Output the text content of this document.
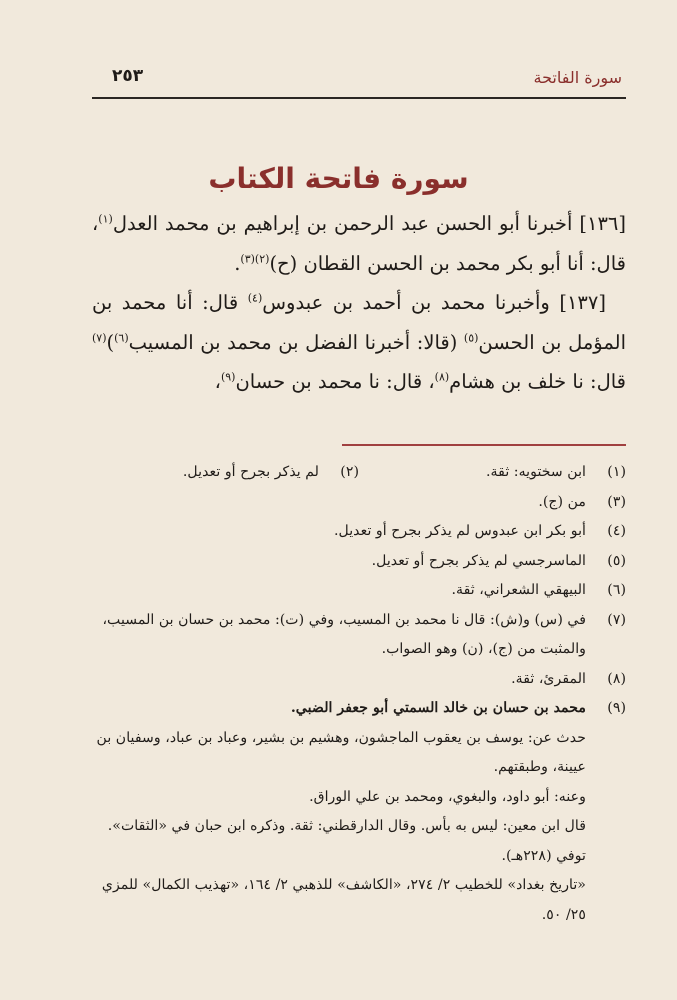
سورة الفاتحة
٢٥٣
سورة فاتحة الكتاب

[١٣٦] أخبرنا أبو الحسن عبد الرحمن بن إبراهيم بن محمد العدل$^{(١)}$، قال: أنا أبو بكر محمد بن الحسن القطان (ح)$^{(٢)(٣)}$.

[١٣٧] وأخبرنا محمد بن أحمد بن عبدوس$^{(٤)}$ قال: أنا محمد بن المؤمل بن الحسن$^{(٥)}$ (قالا: أخبرنا الفضل بن محمد بن المسيب$^{(٦)}$)$^{(٧)}$ قال: نا خلف بن هشام$^{(٨)}$، قال: نا محمد بن حسان$^{(٩)}$،

(١)
ابن سختويه: ثقة.
(٢)
لم يذكر بجرح أو تعديل.
(٣)
من (ج).
(٤)
أبو بكر ابن عبدوس لم يذكر بجرح أو تعديل.
(٥)
الماسرجسي لم يذكر بجرح أو تعديل.
(٦)
البيهقي الشعراني، ثقة.
(٧)
في (س) و(ش): قال نا محمد بن المسيب، وفي (ت): محمد بن حسان بن المسيب، والمثبت من (ج)، (ن) وهو الصواب.
(٨)
المقرئ، ثقة.
(٩)
محمد بن حسان بن خالد السمتي أبو جعفر الضبي.
حدث عن: يوسف بن يعقوب الماجشون، وهشيم بن بشير، وعباد بن عباد، وسفيان بن عيينة، وطبقتهم.
وعنه: أبو داود، والبغوي، ومحمد بن علي الوراق.
قال ابن معين: ليس به بأس. وقال الدارقطني: ثقة. وذكره ابن حبان في «الثقات». توفي (٢٢٨هـ).
«تاريخ بغداد» للخطيب ٢/ ٢٧٤، «الكاشف» للذهبي ٢/ ١٦٤، «تهذيب الكمال» للمزي ٢٥/ ٥٠.
